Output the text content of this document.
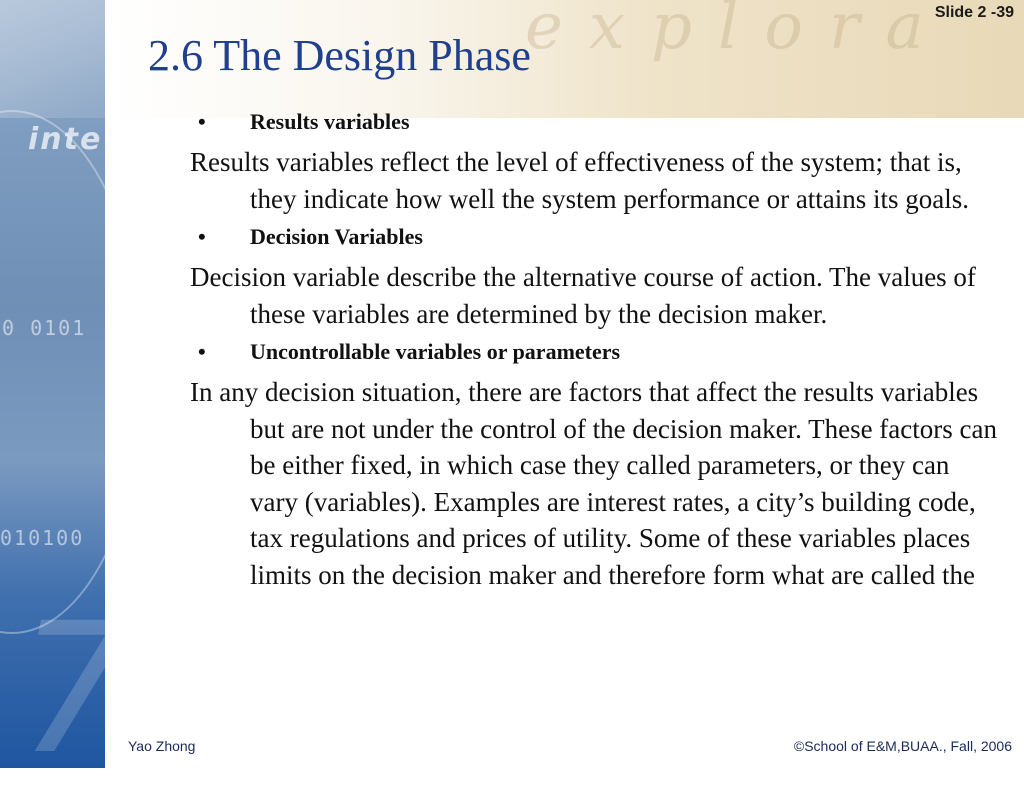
inte
0 0101
010100
7
explora
Slide 2 -39
2.6 The Design Phase
•	Results variables

Results variables reflect the level of effectiveness of the system; that is, they indicate how well the system performance or attains its goals.

•	Decision Variables

Decision variable describe the alternative course of action. The values of these variables are determined by the decision maker.

•	Uncontrollable variables or parameters

In any decision situation, there are factors that affect the results variables but are not under the control of the decision maker. These factors can be either fixed, in which case they called parameters, or they can vary (variables). Examples are interest rates, a city’s building code, tax regulations and prices of utility. Some of these variables places limits on the decision maker and therefore form what are called the

Yao Zhong	©School of E&M,BUAA., Fall, 2006
